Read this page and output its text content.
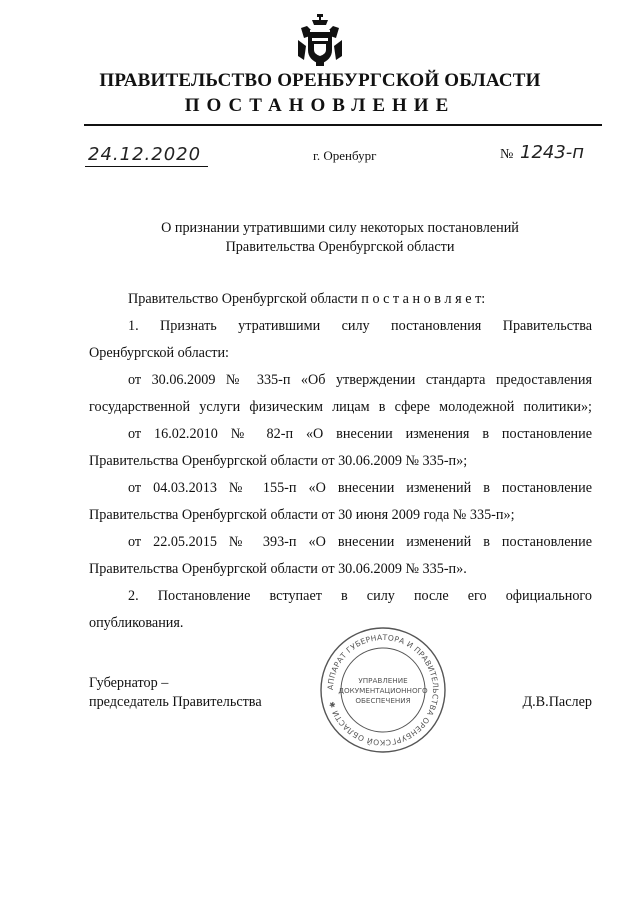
ПРАВИТЕЛЬСТВО ОРЕНБУРГСКОЙ ОБЛАСТИ
ПОСТАНОВЛЕНИЕ
24.12.2020	г. Оренбург	№ 1243-п
О признании утратившими силу некоторых постановлений
Правительства Оренбургской области
Правительство Оренбургской области п о с т а н о в л я е т:
1. Признать утратившими силу постановления Правительства
Оренбургской области:
от 30.06.2009 № 335-п «Об утверждении стандарта предоставления
государственной услуги физическим лицам в сфере молодежной политики»;
от 16.02.2010 № 82-п «О внесении изменения в постановление
Правительства Оренбургской области от 30.06.2009 № 335-п»;
от 04.03.2013 № 155-п «О внесении изменений в постановление
Правительства Оренбургской области от 30 июня 2009 года № 335-п»;
от 22.05.2015 № 393-п «О внесении изменений в постановление
Правительства Оренбургской области от 30.06.2009 № 335-п».
2. Постановление вступает в силу после его официального
опубликования.
АППАРАТ ГУБЕРНАТОРА И ПРАВИТЕЛЬСТВА ОРЕНБУРГСКОЙ ОБЛАСТИ ✱
УПРАВЛЕНИЕ
ДОКУМЕНТАЦИОННОГО
ОБЕСПЕЧЕНИЯ
Губернатор –
председатель Правительства	Д.В.Паслер
